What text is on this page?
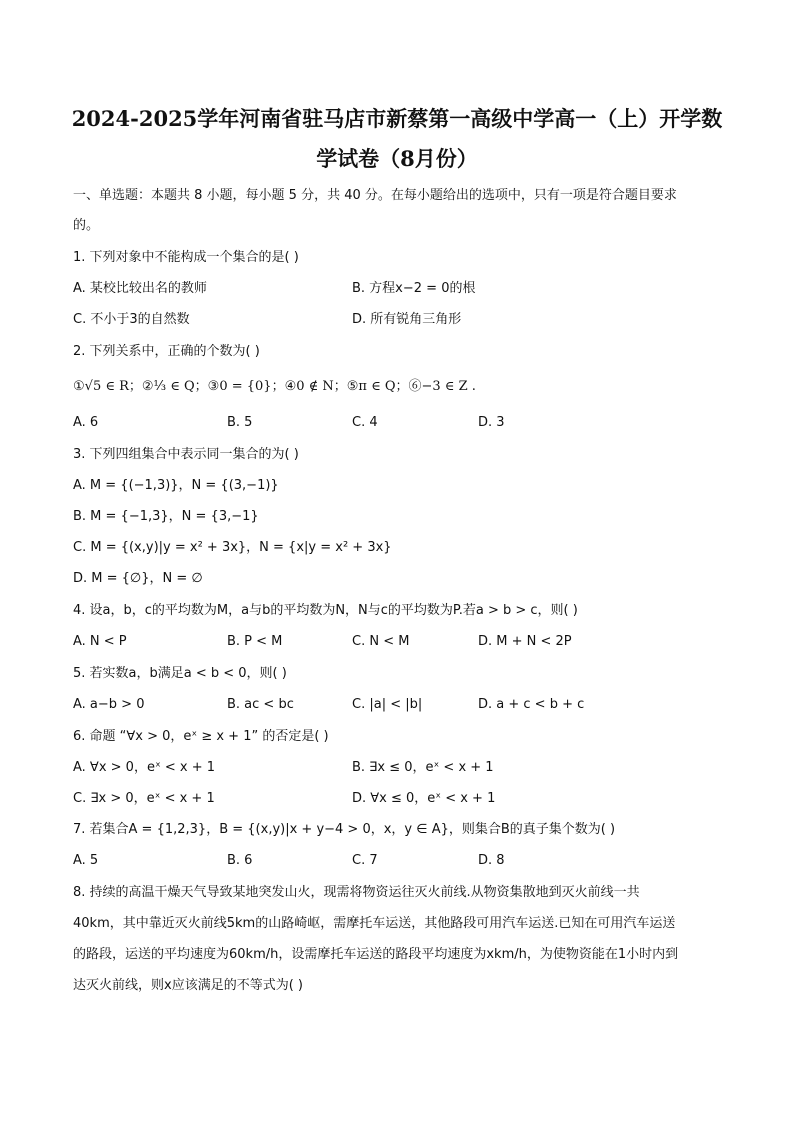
2024-2025学年河南省驻马店市新蔡第一高级中学高一（上）开学数
学试卷（8月份）
一、单选题：本题共 8 小题，每小题 5 分，共 40 分。在每小题给出的选项中，只有一项是符合题目要求
的。
1. 下列对象中不能构成一个集合的是( )
A. 某校比较出名的教师	B. 方程x−2 = 0的根
C. 不小于3的自然数	D. 所有锐角三角形
2. 下列关系中，正确的个数为( )
①√5 ∈ R；②⅓ ∈ Q；③0 = {0}；④0 ∉ N；⑤π ∈ Q；⑥−3 ∈ Z .
A. 6	B. 5	C. 4	D. 3
3. 下列四组集合中表示同一集合的为( )
A. M = {(−1,3)}，N = {(3,−1)}
B. M = {−1,3}，N = {3,−1}
C. M = {(x,y)|y = x² + 3x}，N = {x|y = x² + 3x}
D. M = {∅}，N = ∅
4. 设a，b，c的平均数为M，a与b的平均数为N，N与c的平均数为P.若a > b > c，则( )
A. N < P	B. P < M	C. N < M	D. M + N < 2P
5. 若实数a，b满足a < b < 0，则( )
A. a−b > 0	B. ac < bc	C. |a| < |b|	D. a + c < b + c
6. 命题 “∀x > 0，eˣ ≥ x + 1” 的否定是( )
A. ∀x > 0，eˣ < x + 1	B. ∃x ≤ 0，eˣ < x + 1
C. ∃x > 0，eˣ < x + 1	D. ∀x ≤ 0，eˣ < x + 1
7. 若集合A = {1,2,3}，B = {(x,y)|x + y−4 > 0，x，y ∈ A}，则集合B的真子集个数为( )
A. 5	B. 6	C. 7	D. 8
8. 持续的高温干燥天气导致某地突发山火，现需将物资运往灭火前线.从物资集散地到灭火前线一共
40km，其中靠近灭火前线5km的山路崎岖，需摩托车运送，其他路段可用汽车运送.已知在可用汽车运送
的路段，运送的平均速度为60km/h，设需摩托车运送的路段平均速度为xkm/h，为使物资能在1小时内到
达灭火前线，则x应该满足的不等式为( )
